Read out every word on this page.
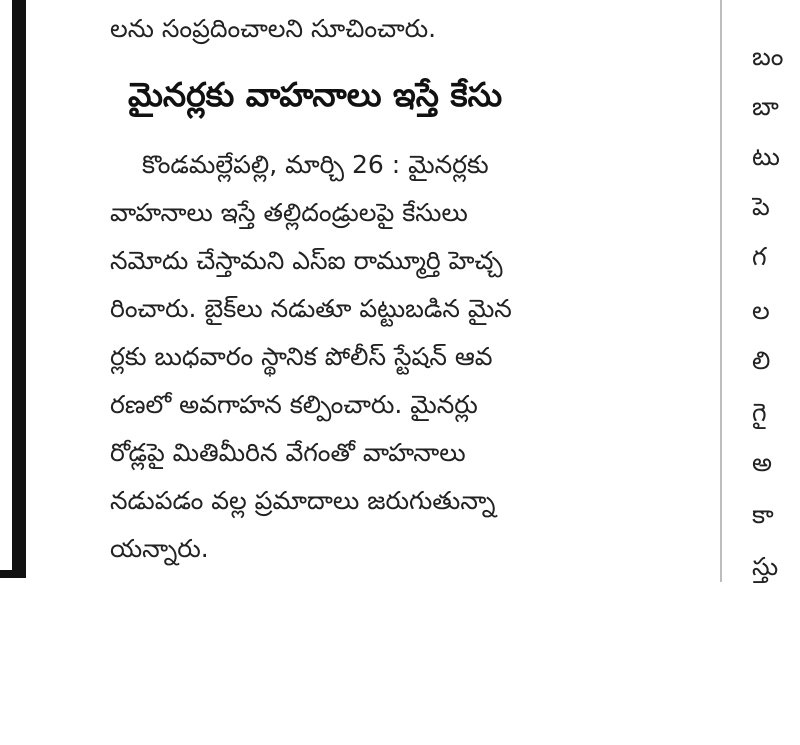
లను సంప్రదించాలని సూచించారు.
మైనర్లకు వాహనాలు ఇస్తే కేసు
కొండమల్లేపల్లి, మార్చి 26 : మైనర్లకు
వాహనాలు ఇస్తే తల్లిదండ్రులపై కేసులు
నమోదు చేస్తామని ఎస్‌ఐ రామ్మూర్తి హెచ్చ
రించారు. బైక్‌లు నడుతూ పట్టుబడిన మైన
ర్లకు బుధవారం స్థానిక పోలీస్ స్టేషన్ ఆవ
రణలో అవగాహన కల్పించారు. మైనర్లు
రోడ్లపై మితిమీరిన వేగంతో వాహనాలు
నడుపడం వల్ల ప్రమాదాలు జరుగుతున్నా
యన్నారు.
బం
బా
టు
పె
గ
ల
లి
గై
అ
కా
స్తు
